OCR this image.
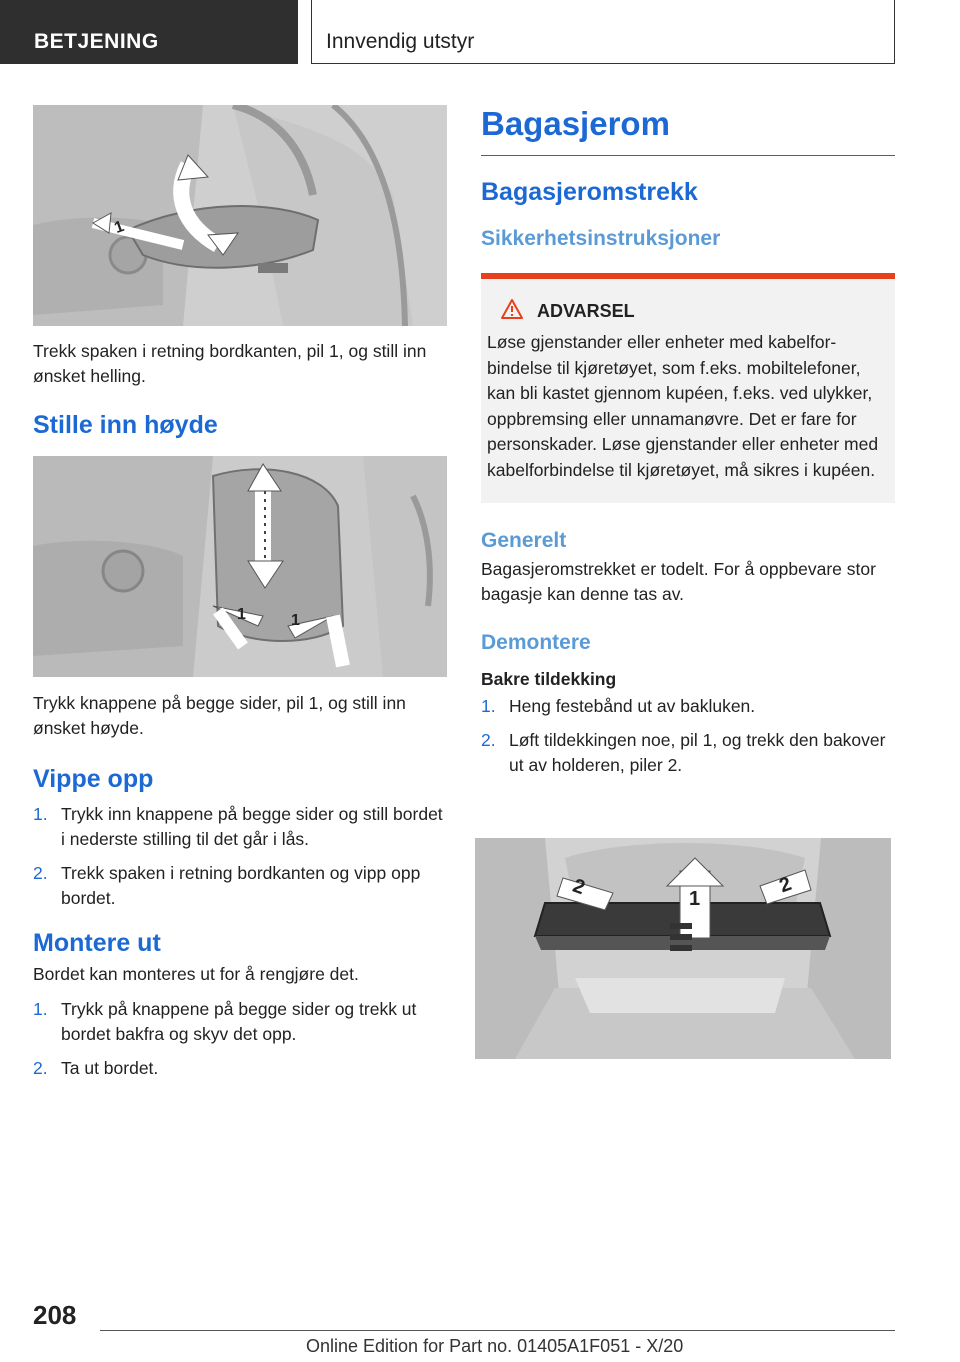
BETJENING	Innvendig utstyr
1

Trekk spaken i retning bordkanten, pil 1, og still inn ønsket helling.

Stille inn høyde
1	1

Trykk knappene på begge sider, pil 1, og still inn ønsket høyde.

Vippe opp
1. Trykk inn knappene på begge sider og still bordet i nederste stilling til det går i lås.
2. Trekk spaken i retning bordkanten og vipp opp bordet.
Montere ut

Bordet kan monteres ut for å rengjøre det.

1. Trykk på knappene på begge sider og trekk ut bordet bakfra og skyv det opp.
2. Ta ut bordet.
Bagasjerom
Bagasjeromstrekk
Sikkerhetsinstruksjoner
ADVARSEL

Løse gjenstander eller enheter med kabelforbindelse til kjøretøyet, som f.eks. mobiltelefoner, kan bli kastet gjennom kupéen, f.eks. ved ulykker, oppbremsing eller unnamanøvre. Det er fare for personskader. Løse gjenstander eller enheter med kabelforbindelse til kjøretøyet, må sikres i kupéen.

Generelt

Bagasjeromstrekket er todelt. For å oppbevare stor bagasje kan denne tas av.

Demontere
Bakre tildekking
1. Heng festebånd ut av bakluken.
2. Løft tildekkingen noe, pil 1, og trekk den bakover ut av holderen, piler 2.
2	1
2
208
Online Edition for Part no. 01405A1F051 - X/20
